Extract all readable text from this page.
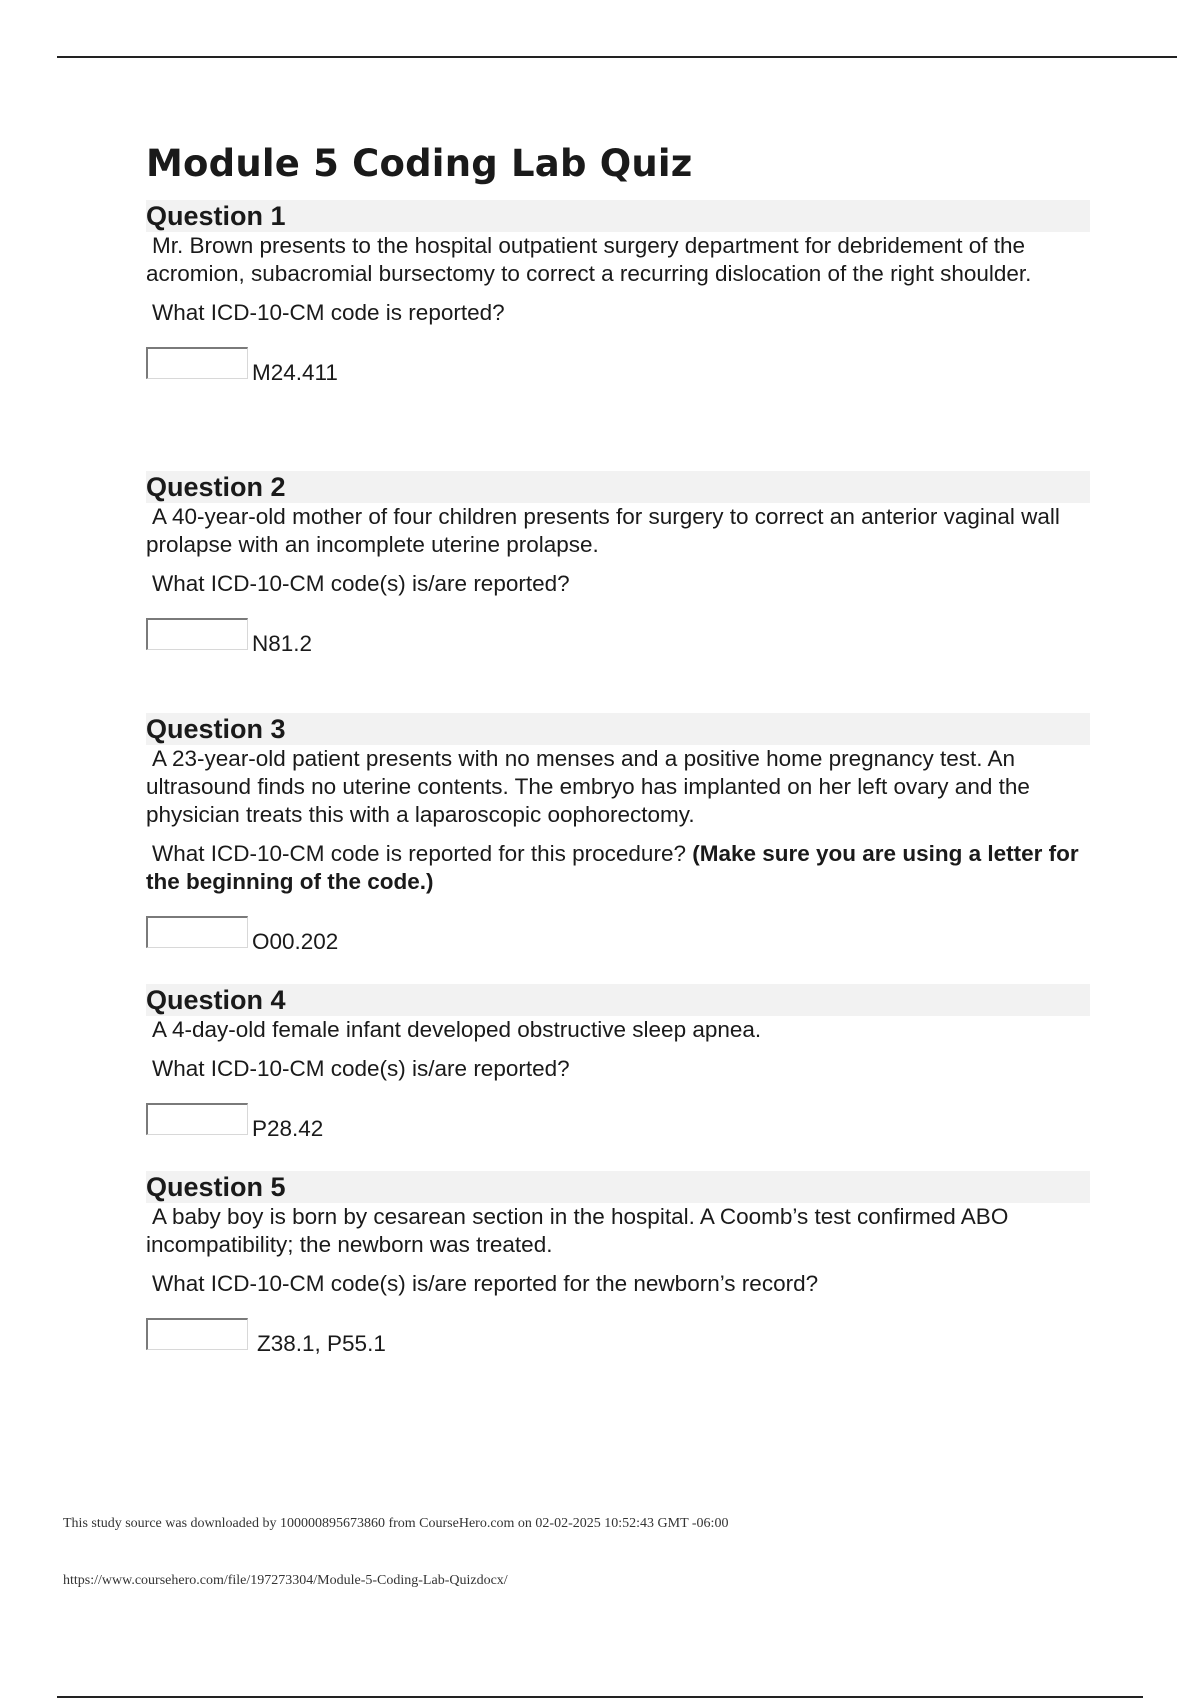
Module 5 Coding Lab Quiz
Question 1

Mr. Brown presents to the hospital outpatient surgery department for debridement of the acromion, subacromial bursectomy to correct a recurring dislocation of the right shoulder.

What ICD-10-CM code is reported?
M24.411
Question 2

A 40-year-old mother of four children presents for surgery to correct an anterior vaginal wall prolapse with an incomplete uterine prolapse.

What ICD-10-CM code(s) is/are reported?
N81.2
Question 3

A 23-year-old patient presents with no menses and a positive home pregnancy test. An ultrasound finds no uterine contents. The embryo has implanted on her left ovary and the physician treats this with a laparoscopic oophorectomy.

What ICD-10-CM code is reported for this procedure? (Make sure you are using a letter for the beginning of the code.)
O00.202
Question 4

A 4-day-old female infant developed obstructive sleep apnea.

What ICD-10-CM code(s) is/are reported?
P28.42
Question 5

A baby boy is born by cesarean section in the hospital. A Coomb’s test confirmed ABO incompatibility; the newborn was treated.

What ICD-10-CM code(s) is/are reported for the newborn’s record?
Z38.1, P55.1
This study source was downloaded by 100000895673860 from CourseHero.com on 02-02-2025 10:52:43 GMT -06:00
https://www.coursehero.com/file/197273304/Module-5-Coding-Lab-Quizdocx/
